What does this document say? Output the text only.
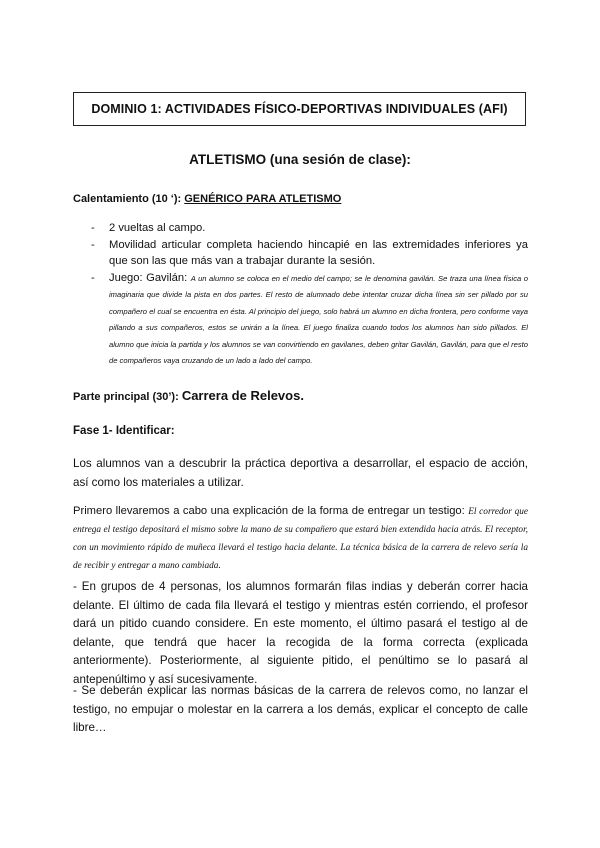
DOMINIO 1: ACTIVIDADES FÍSICO-DEPORTIVAS INDIVIDUALES (AFI)
ATLETISMO (una sesión de clase):
Calentamiento (10 ‘): GENÉRICO PARA ATLETISMO
- 2 vueltas al campo.
- Movilidad articular completa haciendo hincapié en las extremidades inferiores ya que son las que más van a trabajar durante la sesión.
- Juego: Gavilán: A un alumno se coloca en el medio del campo; se le denomina gavilán. Se traza una línea física o imaginaria que divide la pista en dos partes. El resto de alumnado debe intentar cruzar dicha línea sin ser pillado por su compañero el cual se encuentra en ésta. Al principio del juego, solo habrá un alumno en dicha frontera, pero conforme vaya pillando a sus compañeros, estos se unirán a la línea. El juego finaliza cuando todos los alumnos han sido pillados. El alumno que inicia la partida y los alumnos se van convirtiendo en gavilanes, deben gritar Gavilán, Gavilán, para que el resto de compañeros vaya cruzando de un lado a lado del campo.
Parte principal (30’): Carrera de Relevos.
Fase 1- Identificar:
Los alumnos van a descubrir la práctica deportiva a desarrollar, el espacio de acción, así como los materiales a utilizar.
Primero llevaremos a cabo una explicación de la forma de entregar un testigo: El corredor que entrega el testigo depositará el mismo sobre la mano de su compañero que estará bien extendida hacia atrás. El receptor, con un movimiento rápido de muñeca llevará el testigo hacia delante. La técnica básica de la carrera de relevo sería la de recibir y entregar a mano cambiada.
- En grupos de 4 personas, los alumnos formarán filas indias y deberán correr hacia delante. El último de cada fila llevará el testigo y mientras estén corriendo, el profesor dará un pitido cuando considere. En este momento, el último pasará el testigo al de delante, que tendrá que hacer la recogida de la forma correcta (explicada anteriormente). Posteriormente, al siguiente pitido, el penúltimo se lo pasará al antepenúltimo y así sucesivamente.
- Se deberán explicar las normas básicas de la carrera de relevos como, no lanzar el testigo, no empujar o molestar en la carrera a los demás, explicar el concepto de calle libre…
